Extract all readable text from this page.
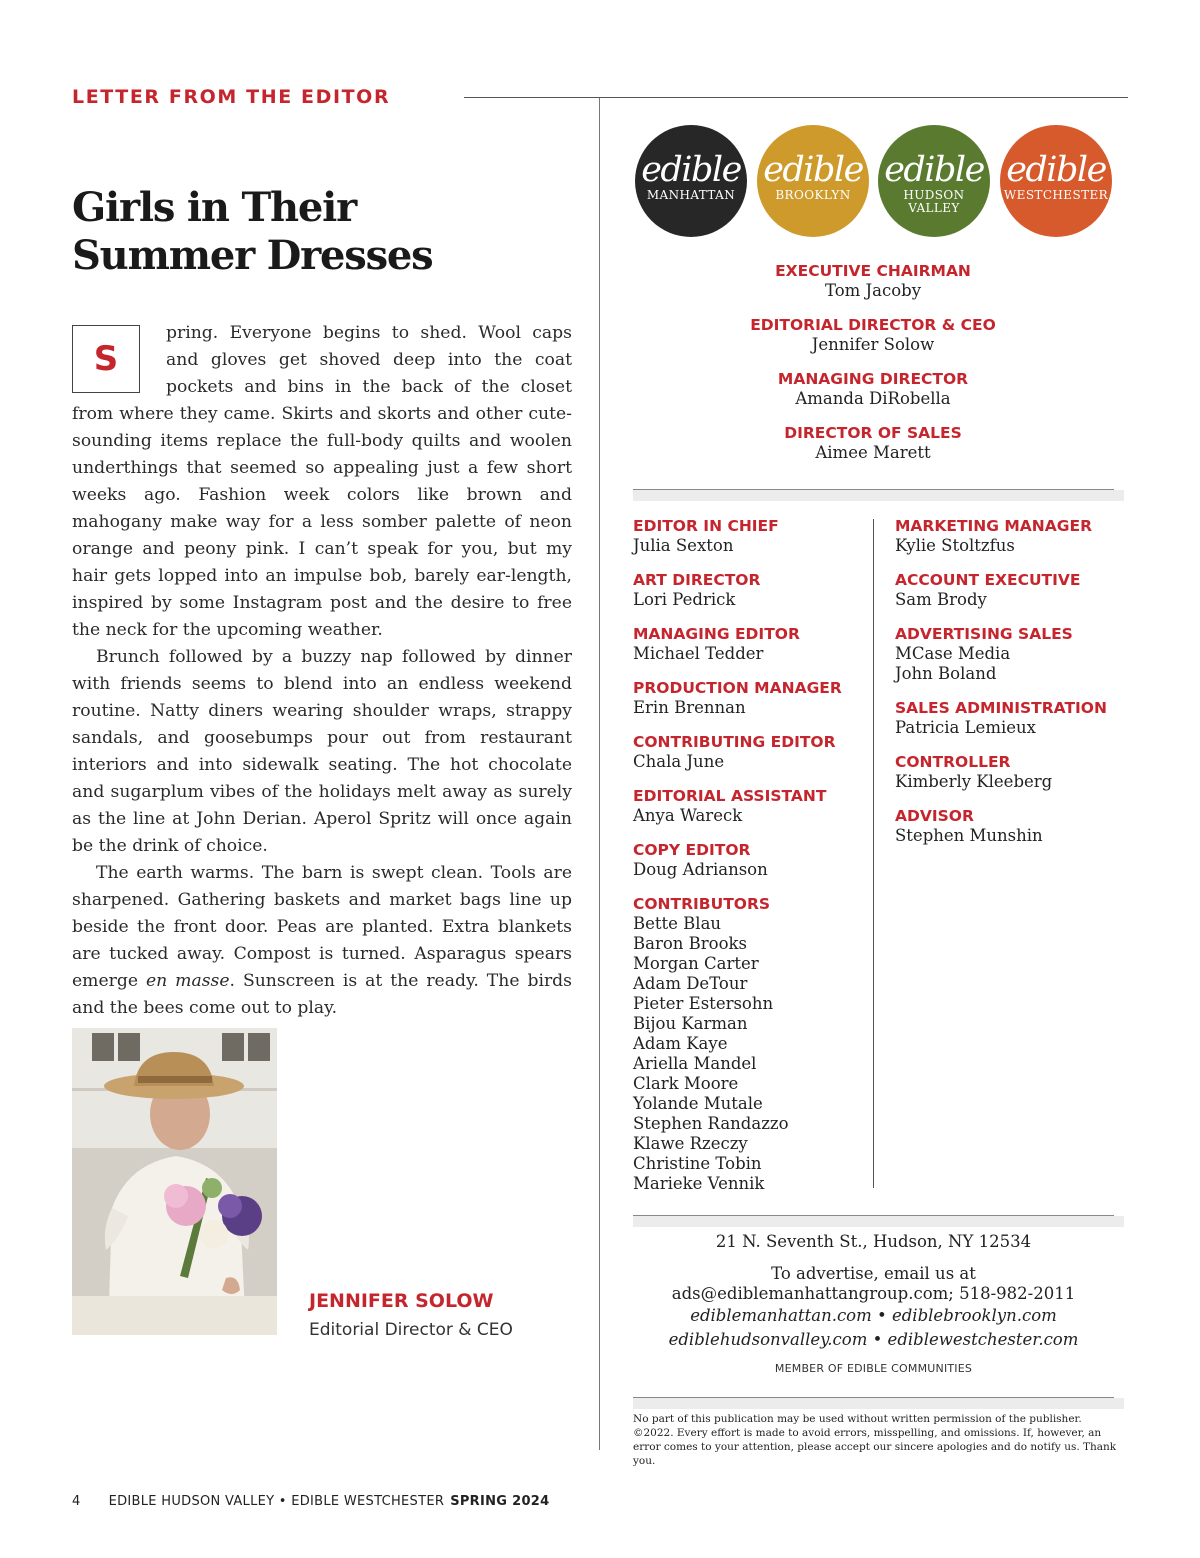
LETTER FROM THE EDITOR
Girls in Their
Summer Dresses

S
pring. Everyone begins to shed. Wool caps and gloves get shoved deep into the coat pockets and bins in the back of the closet from where they came. Skirts and skorts and other cute-sounding items replace the full-body quilts and woolen underthings that seemed so appealing just a few short weeks ago. Fashion week colors like brown and mahogany make way for a less somber palette of neon orange and peony pink. I can’t speak for you, but my hair gets lopped into an impulse bob, barely ear-length, inspired by some Instagram post and the desire to free the neck for the upcoming weather.

Brunch followed by a buzzy nap followed by dinner with friends seems to blend into an endless weekend routine. Natty diners wearing shoulder wraps, strappy sandals, and goosebumps pour out from restaurant interiors and into sidewalk seating. The hot chocolate and sugarplum vibes of the holidays melt away as surely as the line at John Derian. Aperol Spritz will once again be the drink of choice.

The earth warms. The barn is swept clean. Tools are sharpened. Gathering baskets and market bags line up beside the front door. Peas are planted. Extra blankets are tucked away. Compost is turned. Asparagus spears emerge en masse. Sunscreen is at the ready. The birds and the bees come out to play.

JENNIFER SOLOW
Editorial Director & CEO
edible
MANHATTAN
edible
BROOKLYN
edible
HUDSON
VALLEY
edible
WESTCHESTER
EXECUTIVE CHAIRMAN
Tom Jacoby
EDITORIAL DIRECTOR & CEO
Jennifer Solow
MANAGING DIRECTOR
Amanda DiRobella
DIRECTOR OF SALES
Aimee Marett
EDITOR IN CHIEF
Julia Sexton
ART DIRECTOR
Lori Pedrick
MANAGING EDITOR
Michael Tedder
PRODUCTION MANAGER
Erin Brennan
CONTRIBUTING EDITOR
Chala June
EDITORIAL ASSISTANT
Anya Wareck
COPY EDITOR
Doug Adrianson
CONTRIBUTORS
Bette Blau
Baron Brooks
Morgan Carter
Adam DeTour
Pieter Estersohn
Bijou Karman
Adam Kaye
Ariella Mandel
Clark Moore
Yolande Mutale
Stephen Randazzo
Klawe Rzeczy
Christine Tobin
Marieke Vennik
MARKETING MANAGER
Kylie Stoltzfus
ACCOUNT EXECUTIVE
Sam Brody
ADVERTISING SALES
MCase Media
John Boland
SALES ADMINISTRATION
Patricia Lemieux
CONTROLLER
Kimberly Kleeberg
ADVISOR
Stephen Munshin
21 N. Seventh St., Hudson, NY 12534
To advertise, email us at
ads@ediblemanhattangroup.com; 518-982-2011
ediblemanhattan.com • ediblebrooklyn.com
ediblehudsonvalley.com • ediblewestchester.com
MEMBER OF EDIBLE COMMUNITIES
No part of this publication may be used without written permission of the publisher. ©2022. Every effort is made to avoid errors, misspelling, and omissions. If, however, an error comes to your attention, please accept our sincere apologies and do notify us. Thank you.
4 EDIBLE HUDSON VALLEY • EDIBLE WESTCHESTER SPRING 2024
